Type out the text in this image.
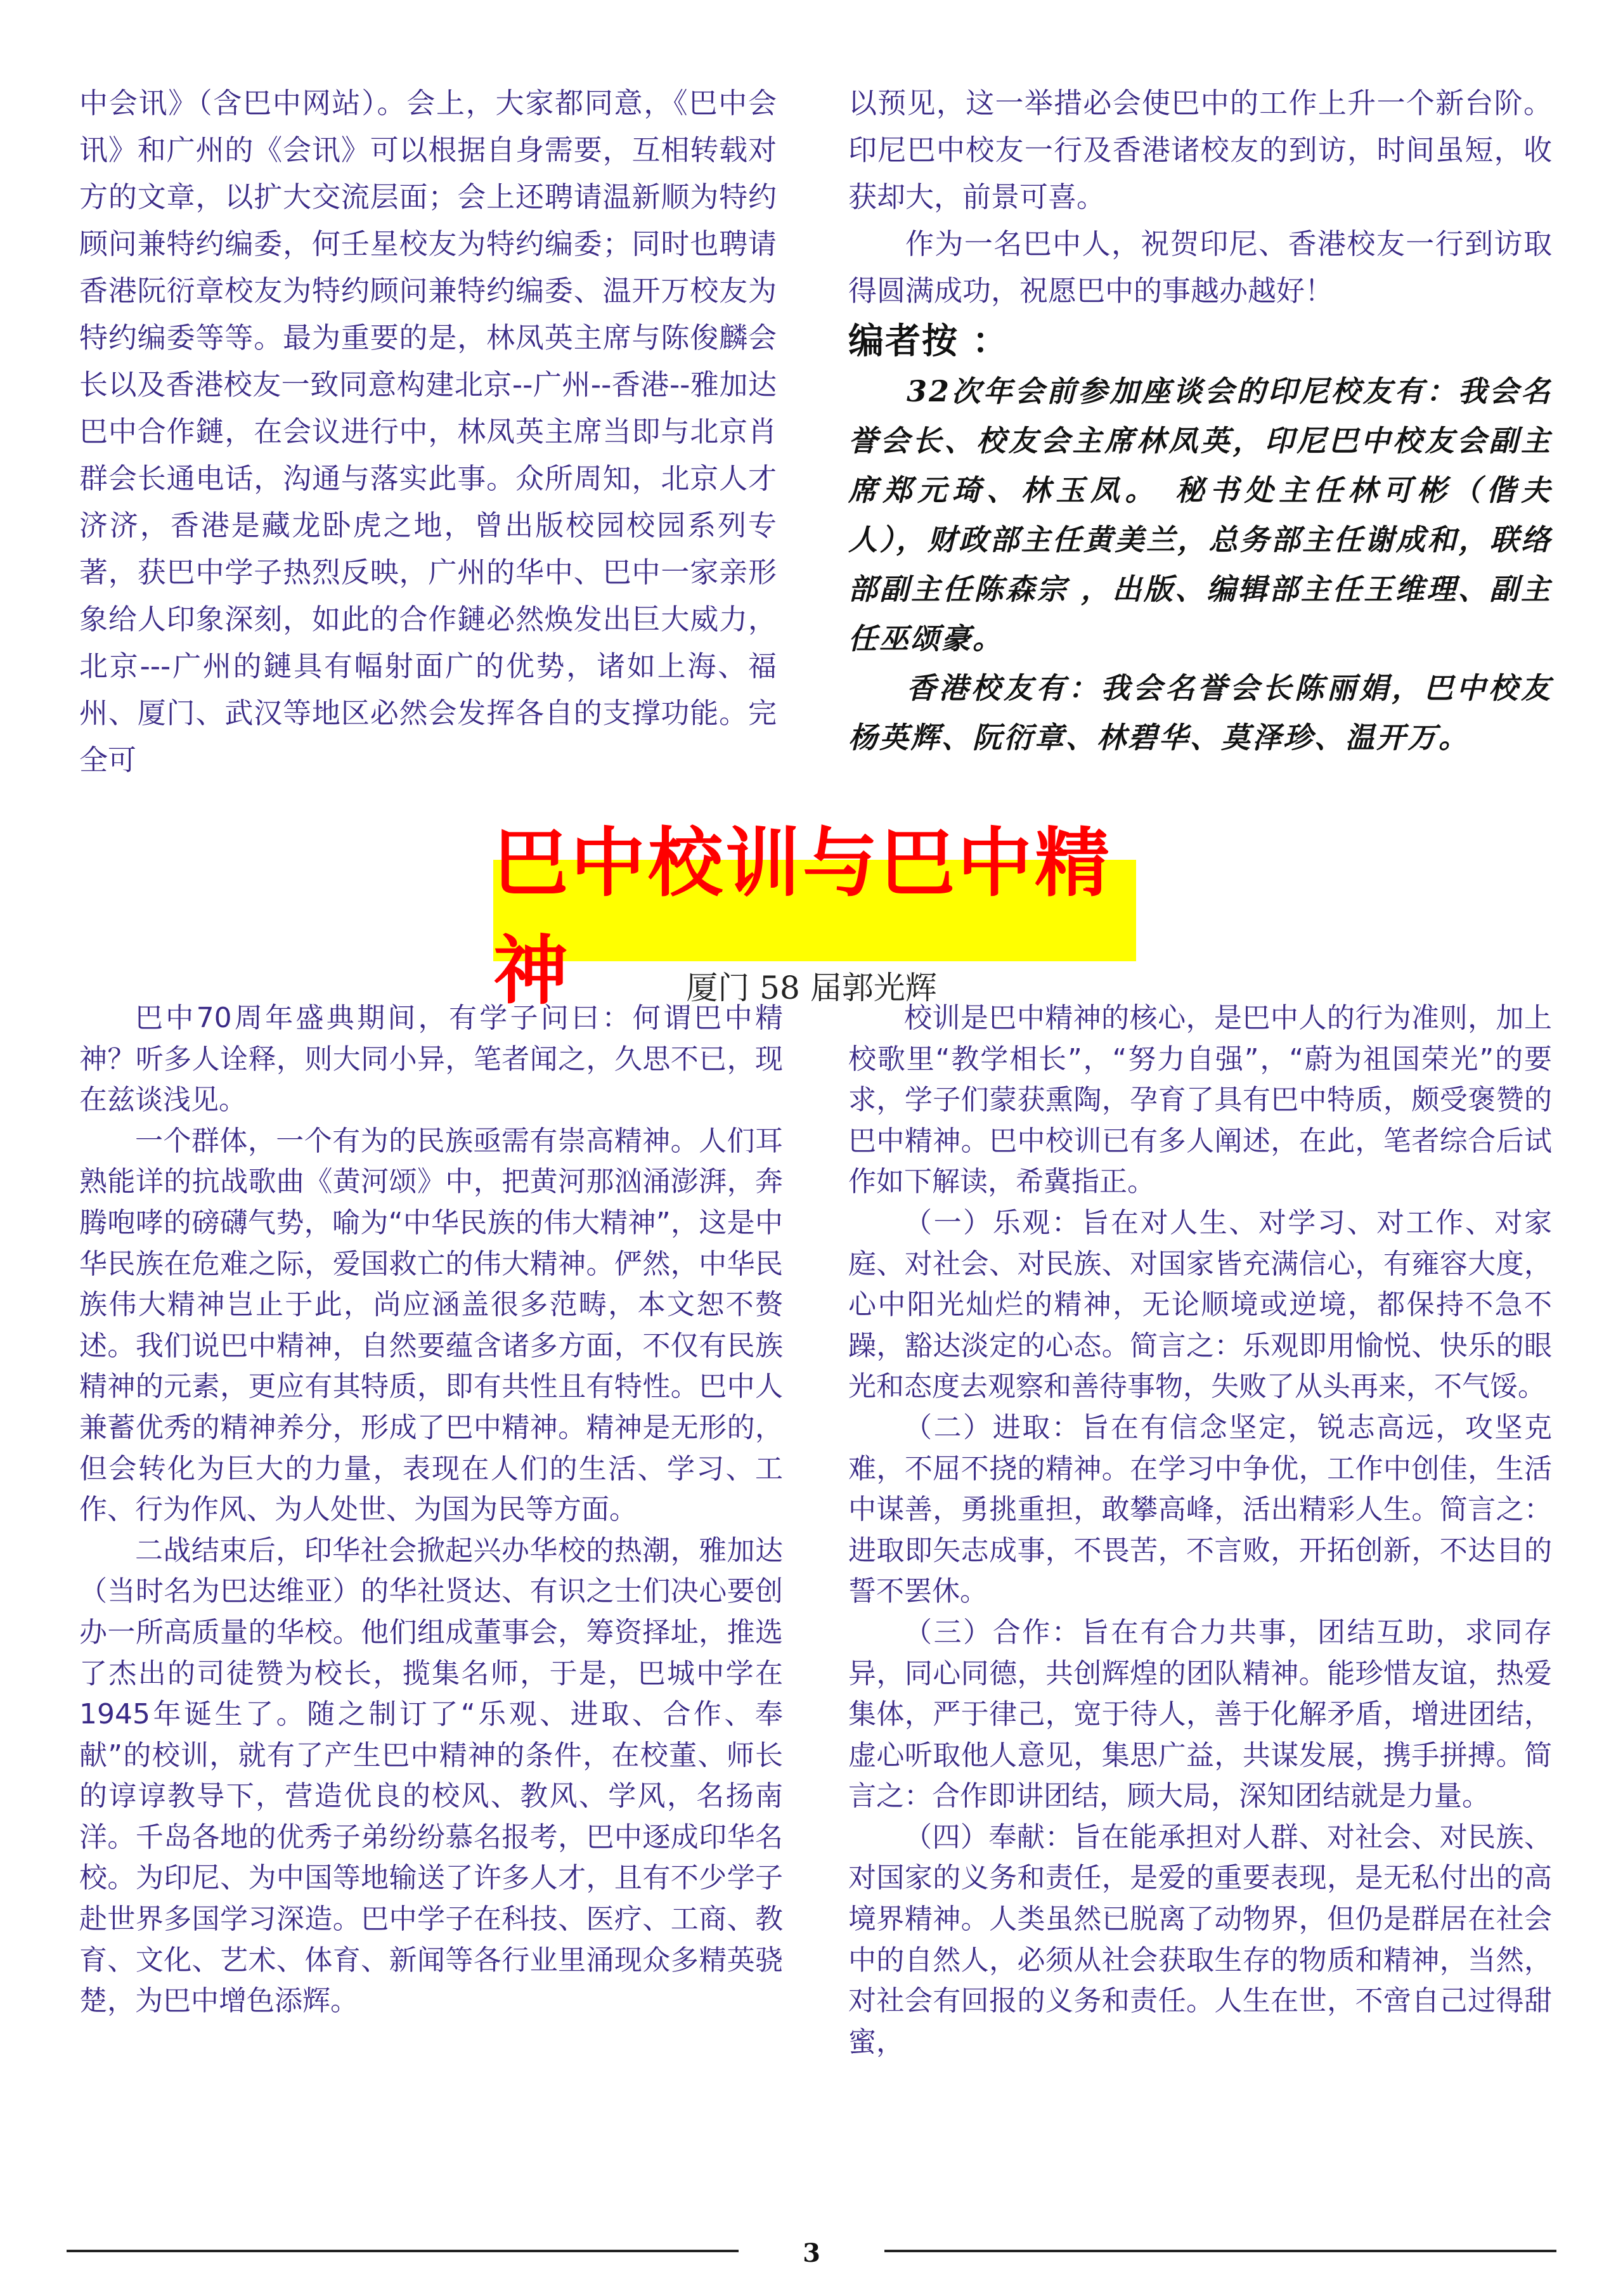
中会讯》（含巴中网站）。会上，大家都同意，《巴中会讯》和广州的《会讯》可以根据自身需要，互相转载对方的文章，以扩大交流层面；会上还聘请温新顺为特约顾问兼特约编委，何壬星校友为特约编委；同时也聘请香港阮衍章校友为特约顾问兼特约编委、温开万校友为特约编委等等。最为重要的是，林凤英主席与陈俊麟会长以及香港校友一致同意构建北京--广州--香港--雅加达巴中合作鏈，在会议进行中，林凤英主席当即与北京肖群会长通电话，沟通与落实此事。众所周知，北京人才济济，香港是藏龙卧虎之地，曾出版校园校园系列专著，获巴中学子热烈反映，广州的华中、巴中一家亲形象给人印象深刻，如此的合作鏈必然焕发出巨大威力，北京---广州的鏈具有幅射面广的优势，诸如上海、福州、厦门、武汉等地区必然会发挥各自的支撑功能。完全可

以预见，这一举措必会使巴中的工作上升一个新台阶。印尼巴中校友一行及香港诸校友的到访，时间虽短，收获却大，前景可喜。

作为一名巴中人，祝贺印尼、香港校友一行到访取得圆满成功，祝愿巴中的事越办越好！

编者按 ：

32次年会前参加座谈会的印尼校友有：我会名誉会长、校友会主席林凤英，印尼巴中校友会副主席郑元琦、林玉凤。 秘书处主任林可彬（偕夫人），财政部主任黄美兰，总务部主任谢成和，联络部副主任陈森宗 ，出版、编辑部主任王维理、副主任巫颂豪。

香港校友有：我会名誉会长陈丽娟，巴中校友杨英辉、阮衍章、林碧华、莫泽珍、温开万。

巴中校训与巴中精神	厦门 58 届郭光辉

巴中70周年盛典期间，有学子问曰：何谓巴中精神？听多人诠释，则大同小异，笔者闻之，久思不已，现在兹谈浅见。

一个群体，一个有为的民族亟需有崇高精神。人们耳熟能详的抗战歌曲《黄河颂》中，把黄河那汹涌澎湃，奔腾咆哮的磅礴气势，喻为“中华民族的伟大精神”，这是中华民族在危难之际，爱国救亡的伟大精神。俨然，中华民族伟大精神岂止于此，尚应涵盖很多范畴，本文恕不赘述。我们说巴中精神，自然要蕴含诸多方面，不仅有民族精神的元素，更应有其特质，即有共性且有特性。巴中人兼蓄优秀的精神养分，形成了巴中精神。精神是无形的，但会转化为巨大的力量，表现在人们的生活、学习、工作、行为作风、为人处世、为国为民等方面。

二战结束后，印华社会掀起兴办华校的热潮，雅加达（当时名为巴达维亚）的华社贤达、有识之士们决心要创办一所高质量的华校。他们组成董事会，筹资择址，推选了杰出的司徒赞为校长，揽集名师，于是，巴城中学在1945年诞生了。随之制订了“乐观、进取、合作、奉献”的校训，就有了产生巴中精神的条件，在校董、师长的谆谆教导下，营造优良的校风、教风、学风，名扬南洋。千岛各地的优秀子弟纷纷慕名报考，巴中逐成印华名校。为印尼、为中国等地输送了许多人才，且有不少学子赴世界多国学习深造。巴中学子在科技、医疗、工商、教育、文化、艺术、体育、新闻等各行业里涌现众多精英骁楚，为巴中增色添辉。

校训是巴中精神的核心，是巴中人的行为准则，加上校歌里“教学相长”，“努力自强”，“蔚为祖国荣光”的要求，学子们蒙获熏陶，孕育了具有巴中特质，颇受褒赞的巴中精神。巴中校训已有多人阐述，在此，笔者综合后试作如下解读，希冀指正。

（一）乐观：旨在对人生、对学习、对工作、对家庭、对社会、对民族、对国家皆充满信心，有雍容大度，心中阳光灿烂的精神，无论顺境或逆境，都保持不急不躁，豁达淡定的心态。简言之：乐观即用愉悦、快乐的眼光和态度去观察和善待事物，失败了从头再来，不气馁。

（二）进取：旨在有信念坚定，锐志高远，攻坚克难，不屈不挠的精神。在学习中争优，工作中创佳，生活中谋善，勇挑重担，敢攀高峰，活出精彩人生。简言之：进取即矢志成事，不畏苦，不言败，开拓创新，不达目的誓不罢休。

（三）合作：旨在有合力共事，团结互助，求同存异，同心同德，共创辉煌的团队精神。能珍惜友谊，热爱集体，严于律己，宽于待人，善于化解矛盾，增进团结，虚心听取他人意见，集思广益，共谋发展，携手拼搏。简言之：合作即讲团结，顾大局，深知团结就是力量。

（四）奉献：旨在能承担对人群、对社会、对民族、对国家的义务和责任，是爱的重要表现，是无私付出的高境界精神。人类虽然已脱离了动物界，但仍是群居在社会中的自然人，必须从社会获取生存的物质和精神，当然，对社会有回报的义务和责任。人生在世，不啻自己过得甜蜜，

3
